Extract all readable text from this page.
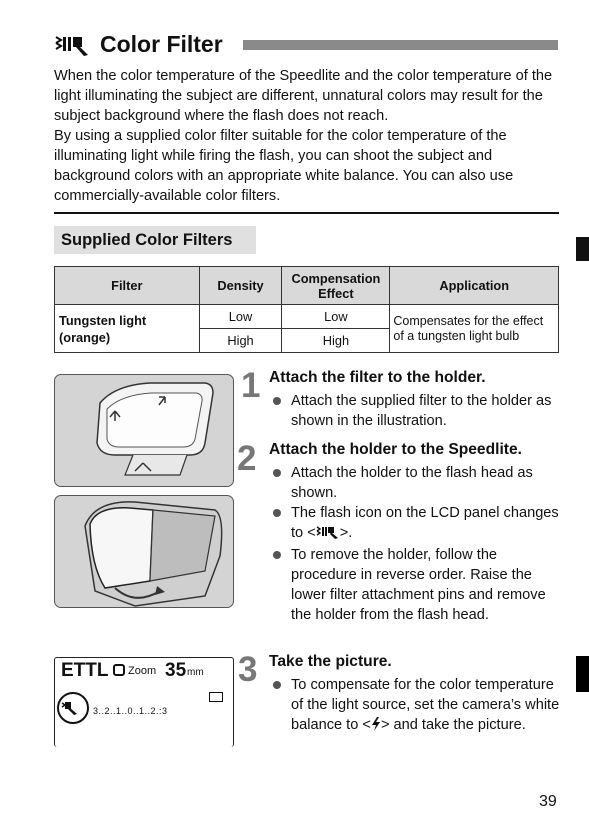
Color Filter

When the color temperature of the Speedlite and the color temperature of the light illuminating the subject are different, unnatural colors may result for the subject background where the flash does not reach.

By using a supplied color filter suitable for the color temperature of the illuminating light while firing the flash, you can shoot the subject and background colors with an appropriate white balance. You can also use commercially-available color filters.

Supplied Color Filters
Filter	Density	Compensation Effect	Application
Tungsten light (orange)	Low	Low	Compensates for the effect of a tungsten light bulb
	High	High	
ETTL Zoom 35 mm
3..2..1..0..1..2.:3
1 Attach the filter to the holder.
Attach the supplied filter to the holder as shown in the illustration.
2 Attach the holder to the Speedlite.
Attach the holder to the flash head as shown.
The flash icon on the LCD panel changes to < >.
To remove the holder, follow the procedure in reverse order. Raise the lower filter attachment pins and remove the holder from the flash head.
3 Take the picture.
To compensate for the color temperature of the light source, set the camera’s white balance to < > and take the picture.
39
